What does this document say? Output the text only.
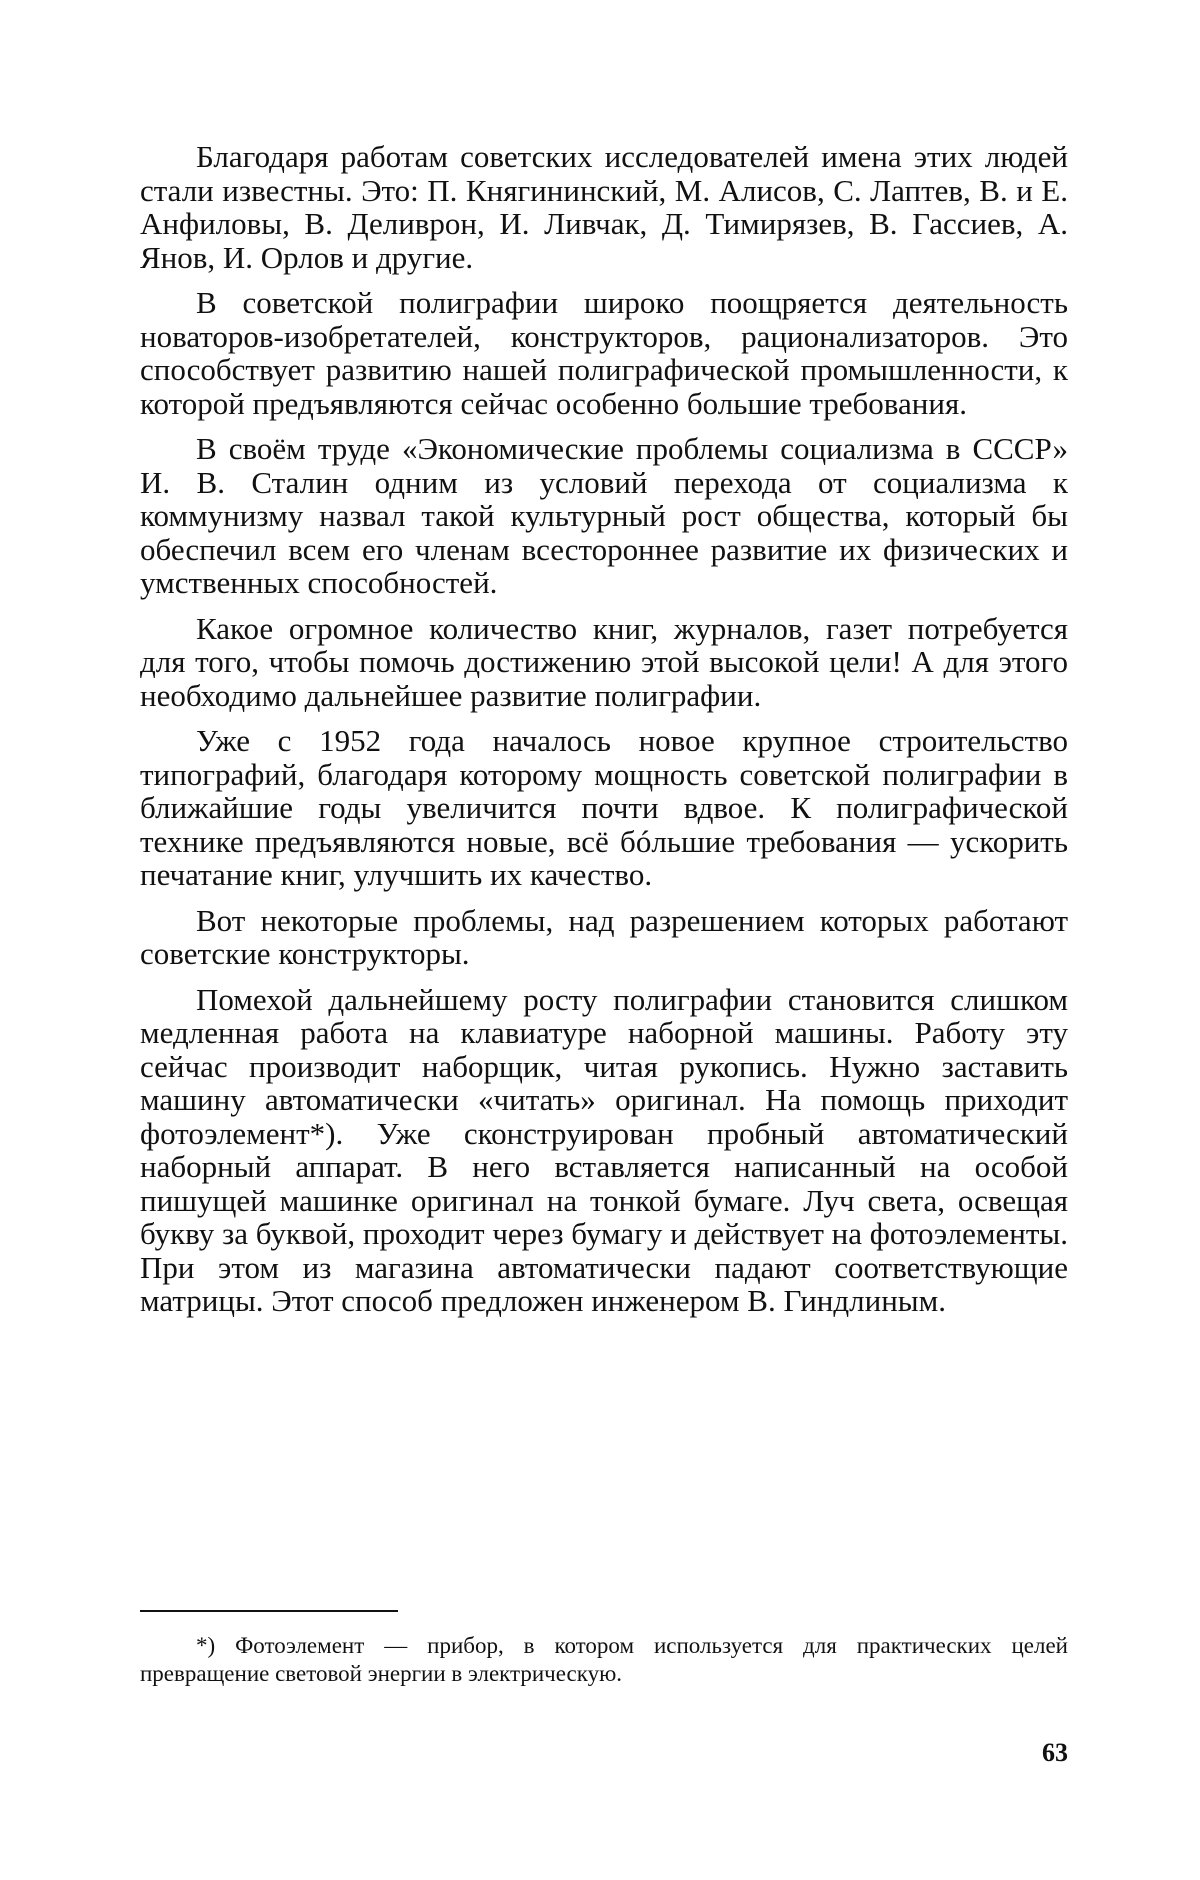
Благодаря работам советских исследователей имена этих людей стали известны. Это: П. Княгининский, М. Алисов, С. Лаптев, В. и Е. Анфиловы, В. Деливрон, И. Ливчак, Д. Тимирязев, В. Гассиев, А. Янов, И. Орлов и другие.

В советской полиграфии широко поощряется деятельность новаторов-изобретателей, конструкторов, рационализаторов. Это способствует развитию нашей полиграфической промышленности, к которой предъявляются сейчас особенно большие требования.

В своём труде «Экономические проблемы социализма в СССР» И. В. Сталин одним из условий перехода от социализма к коммунизму назвал такой культурный рост общества, который бы обеспечил всем его членам всестороннее развитие их физических и умственных способностей.

Какое огромное количество книг, журналов, газет потребуется для того, чтобы помочь достижению этой высокой цели! А для этого необходимо дальнейшее развитие полиграфии.

Уже с 1952 года началось новое крупное строительство типографий, благодаря которому мощность советской полиграфии в ближайшие годы увеличится почти вдвое. К полиграфической технике предъявляются новые, всё бóльшие требования — ускорить печатание книг, улучшить их качество.

Вот некоторые проблемы, над разрешением которых работают советские конструкторы.

Помехой дальнейшему росту полиграфии становится слишком медленная работа на клавиатуре наборной машины. Работу эту сейчас производит наборщик, читая рукопись. Нужно заставить машину автоматически «читать» оригинал. На помощь приходит фотоэлемент*). Уже сконструирован пробный автоматический наборный аппарат. В него вставляется написанный на особой пишущей машинке оригинал на тонкой бумаге. Луч света, освещая букву за буквой, проходит через бумагу и действует на фотоэлементы. При этом из магазина автоматически падают соответствующие матрицы. Этот способ предложен инженером В. Гиндлиным.

*) Фотоэлемент — прибор, в котором используется для практических целей превращение световой энергии в электрическую.

63
